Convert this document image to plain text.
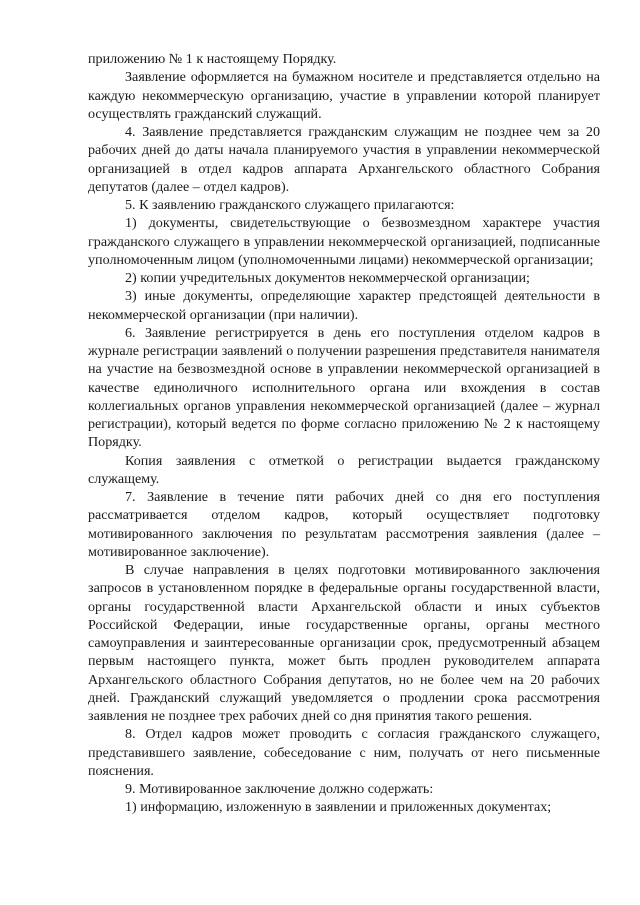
приложению № 1 к настоящему Порядку.

Заявление оформляется на бумажном носителе и представляется отдельно на каждую некоммерческую организацию, участие в управлении которой планирует осуществлять гражданский служащий.

4. Заявление представляется гражданским служащим не позднее чем за 20 рабочих дней до даты начала планируемого участия в управлении некоммерческой организацией в отдел кадров аппарата Архангельского областного Собрания депутатов (далее – отдел кадров).

5. К заявлению гражданского служащего прилагаются:

1) документы, свидетельствующие о безвозмездном характере участия гражданского служащего в управлении некоммерческой организацией, подписанные уполномоченным лицом (уполномоченными лицами) некоммерческой организации;

2) копии учредительных документов некоммерческой организации;

3) иные документы, определяющие характер предстоящей деятельности в некоммерческой организации (при наличии).

6. Заявление регистрируется в день его поступления отделом кадров в журнале регистрации заявлений о получении разрешения представителя нанимателя на участие на безвозмездной основе в управлении некоммерческой организацией в качестве единоличного исполнительного органа или вхождения в состав коллегиальных органов управления некоммерческой организацией (далее – журнал регистрации), который ведется по форме согласно приложению № 2 к настоящему Порядку.

Копия заявления с отметкой о регистрации выдается гражданскому служащему.

7. Заявление в течение пяти рабочих дней со дня его поступления рассматривается отделом кадров, который осуществляет подготовку мотивированного заключения по результатам рассмотрения заявления (далее – мотивированное заключение).

В случае направления в целях подготовки мотивированного заключения запросов в установленном порядке в федеральные органы государственной власти, органы государственной власти Архангельской области и иных субъектов Российской Федерации, иные государственные органы, органы местного самоуправления и заинтересованные организации срок, предусмотренный абзацем первым настоящего пункта, может быть продлен руководителем аппарата Архангельского областного Собрания депутатов, но не более чем на 20 рабочих дней. Гражданский служащий уведомляется о продлении срока рассмотрения заявления не позднее трех рабочих дней со дня принятия такого решения.

8. Отдел кадров может проводить с согласия гражданского служащего, представившего заявление, собеседование с ним, получать от него письменные пояснения.

9. Мотивированное заключение должно содержать:

1) информацию, изложенную в заявлении и приложенных документах;
